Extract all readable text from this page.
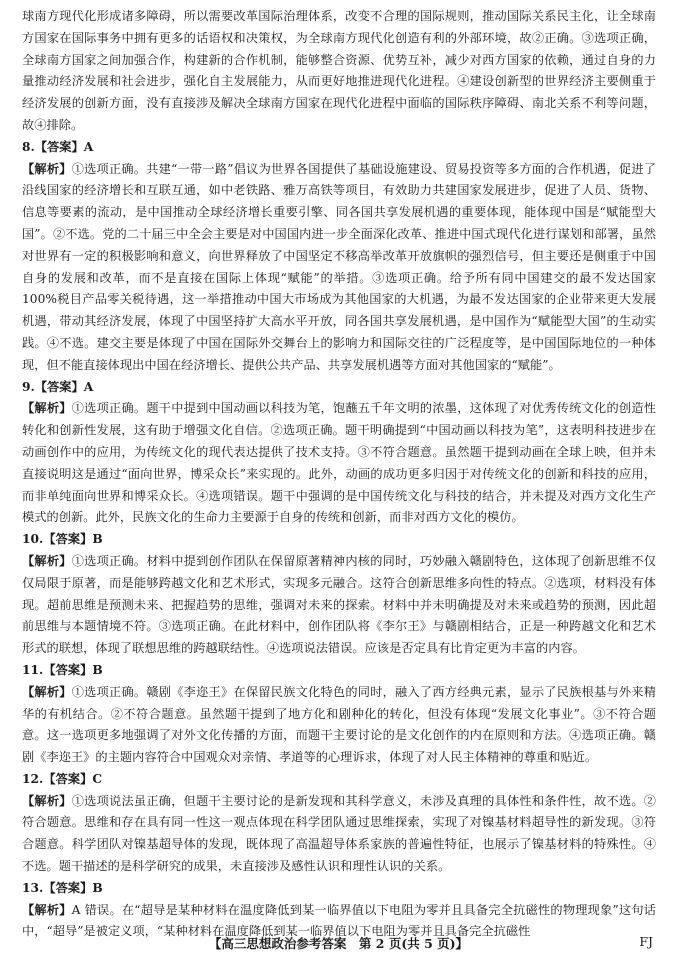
球南方现代化形成诸多障碍，所以需要改革国际治理体系，改变不合理的国际规则，推动国际关系民主化，让全球南方国家在国际事务中拥有更多的话语权和决策权，为全球南方现代化创造有利的外部环境，故②正确。③选项正确，全球南方国家之间加强合作，构建新的合作机制，能够整合资源、优势互补，减少对西方国家的依赖，通过自身的力量推动经济发展和社会进步，强化自主发展能力，从而更好地推进现代化进程。④建设创新型的世界经济主要侧重于经济发展的创新方面，没有直接涉及解决全球南方国家在现代化进程中面临的国际秩序障碍、南北关系不利等问题，故④排除。

8.【答案】A

【解析】①选项正确。共建“一带一路”倡议为世界各国提供了基础设施建设、贸易投资等多方面的合作机遇，促进了沿线国家的经济增长和互联互通，如中老铁路、雅万高铁等项目，有效助力共建国家发展进步，促进了人员、货物、信息等要素的流动，是中国推动全球经济增长重要引擎、同各国共享发展机遇的重要体现，能体现中国是“赋能型大国”。②不选。党的二十届三中全会主要是对中国国内进一步全面深化改革、推进中国式现代化进行谋划和部署，虽然对世界有一定的积极影响和意义，向世界释放了中国坚定不移高举改革开放旗帜的强烈信号，但主要还是侧重于中国自身的发展和改革，而不是直接在国际上体现“赋能”的举措。③选项正确。给予所有同中国建交的最不发达国家100%税目产品零关税待遇，这一举措推动中国大市场成为其他国家的大机遇，为最不发达国家的企业带来更大发展机遇，带动其经济发展，体现了中国坚持扩大高水平开放，同各国共享发展机遇，是中国作为“赋能型大国”的生动实践。④不选。建交主要是体现了中国在国际外交舞台上的影响力和国际交往的广泛程度等，是中国国际地位的一种体现，但不能直接体现出中国在经济增长、提供公共产品、共享发展机遇等方面对其他国家的“赋能”。

9.【答案】A

【解析】①选项正确。题干中提到中国动画以科技为笔，饱蘸五千年文明的浓墨，这体现了对优秀传统文化的创造性转化和创新性发展，这有助于增强文化自信。②选项正确。题干明确提到“中国动画以科技为笔”，这表明科技进步在动画创作中的应用，为传统文化的现代表达提供了技术支持。③不符合题意。虽然题干提到动画在全球上映，但并未直接说明这是通过“面向世界，博采众长”来实现的。此外，动画的成功更多归因于对传统文化的创新和科技的应用，而非单纯面向世界和博采众长。④选项错误。题干中强调的是中国传统文化与科技的结合，并未提及对西方文化生产模式的创新。此外，民族文化的生命力主要源于自身的传统和创新，而非对西方文化的模仿。

10.【答案】B

【解析】①选项正确。材料中提到创作团队在保留原著精神内核的同时，巧妙融入赣剧特色，这体现了创新思维不仅仅局限于原著，而是能够跨越文化和艺术形式，实现多元融合。这符合创新思维多向性的特点。②选项，材料没有体现。超前思维是预测未来、把握趋势的思维，强调对未来的探索。材料中并未明确提及对未来或趋势的预测，因此超前思维与本题情境不符。③选项正确。在此材料中，创作团队将《李尔王》与赣剧相结合，正是一种跨越文化和艺术形式的联想，体现了联想思维的跨越联结性。④选项说法错误。应该是否定具有比肯定更为丰富的内容。

11.【答案】B

【解析】①选项正确。赣剧《李迩王》在保留民族文化特色的同时，融入了西方经典元素，显示了民族根基与外来精华的有机结合。②不符合题意。虽然题干提到了地方化和剧种化的转化，但没有体现“发展文化事业”。③不符合题意。这一选项更多地强调了对外文化传播的方面，而题干主要讨论的是文化创作的内在原则和方法。④选项正确。赣剧《李迩王》的主题内容符合中国观众对亲情、孝道等的心理诉求，体现了对人民主体精神的尊重和贴近。

12.【答案】C

【解析】①选项说法虽正确，但题干主要讨论的是新发现和其科学意义，未涉及真理的具体性和条件性，故不选。②符合题意。思维和存在具有同一性这一观点体现在科学团队通过思维探索，实现了对镍基材料超导性的新发现。③符合题意。科学团队对镍基超导体的发现，既体现了高温超导体系家族的普遍性特征，也展示了镍基材料的特殊性。④不选。题干描述的是科学研究的成果，未直接涉及感性认识和理性认识的关系。

13.【答案】B

【解析】A 错误。在“超导是某种材料在温度降低到某一临界值以下电阻为零并且具备完全抗磁性的物理现象”这句话中，“超导”是被定义项，“某种材料在温度降低到某一临界值以下电阻为零并且具备完全抗磁性

【高三思想政治参考答案　第 2 页(共 5 页)】	FJ
